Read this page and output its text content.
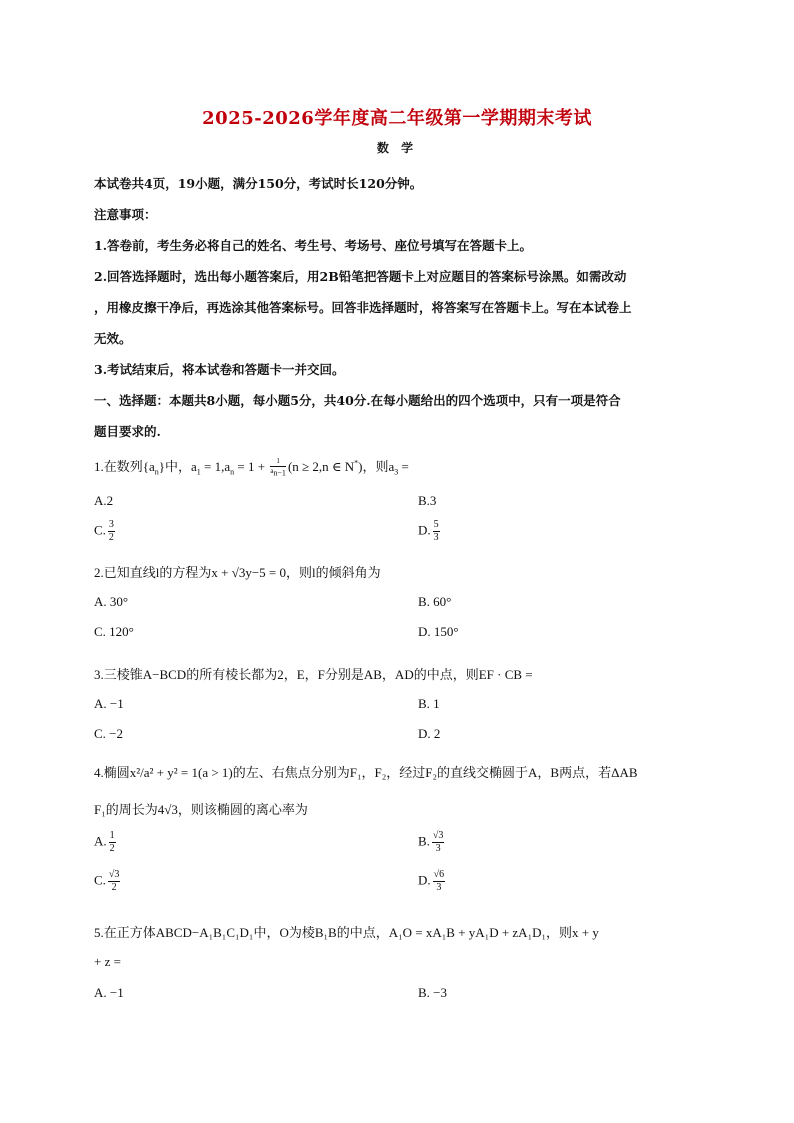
2025-2026学年度高二年级第一学期期末考试
数 学
本试卷共4页，19小题，满分150分，考试时长120分钟。
注意事项：
1.答卷前，考生务必将自己的姓名、考生号、考场号、座位号填写在答题卡上。
2.回答选择题时，选出每小题答案后，用2B铅笔把答题卡上对应题目的答案标号涂黑。如需改动
，用橡皮擦干净后，再选涂其他答案标号。回答非选择题时，将答案写在答题卡上。写在本试卷上
无效。
3.考试结束后，将本试卷和答题卡一并交回。
一、选择题：本题共8小题，每小题5分，共40分.在每小题给出的四个选项中，只有一项是符合
题目要求的.
1.在数列$\{a_n\}$中，$a_1 = 1,a_n = 1 + \frac{1}{a_{n-1}} (n \ge 2,n$ ∈ N*)，则$a_3$ =
A.2	B.3
C. $\frac{3}{2}$	D. $\frac{5}{3}$
2.已知直线l的方程为x + √3y−5 = 0，则l的倾斜角为
A. 30°	B. 60°
C. 120°	D. 150°
3.三棱锥A−BCD的所有棱长都为2，E，F分别是AB，AD的中点，则EF · CB =
A. −1	B. 1
C. −2	D. 2
4.椭圆x²/a² + y² = 1(a > 1)的左、右焦点分别为F₁，F₂，经过F₂的直线交椭圆于A，B两点，若ΔAB
F₁的周长为4√3，则该椭圆的离心率为
A. $\frac{1}{2}$	B. $\frac{√3}{3}$
C. $\frac{√3}{2}$	D. $\frac{√6}{3}$
5.在正方体ABCD−A₁B₁C₁D₁中，O为棱B₁B的中点，A₁O = xA₁B + yA₁D + zA₁D₁，则x + y
+ z =
A. −1	B. −3
